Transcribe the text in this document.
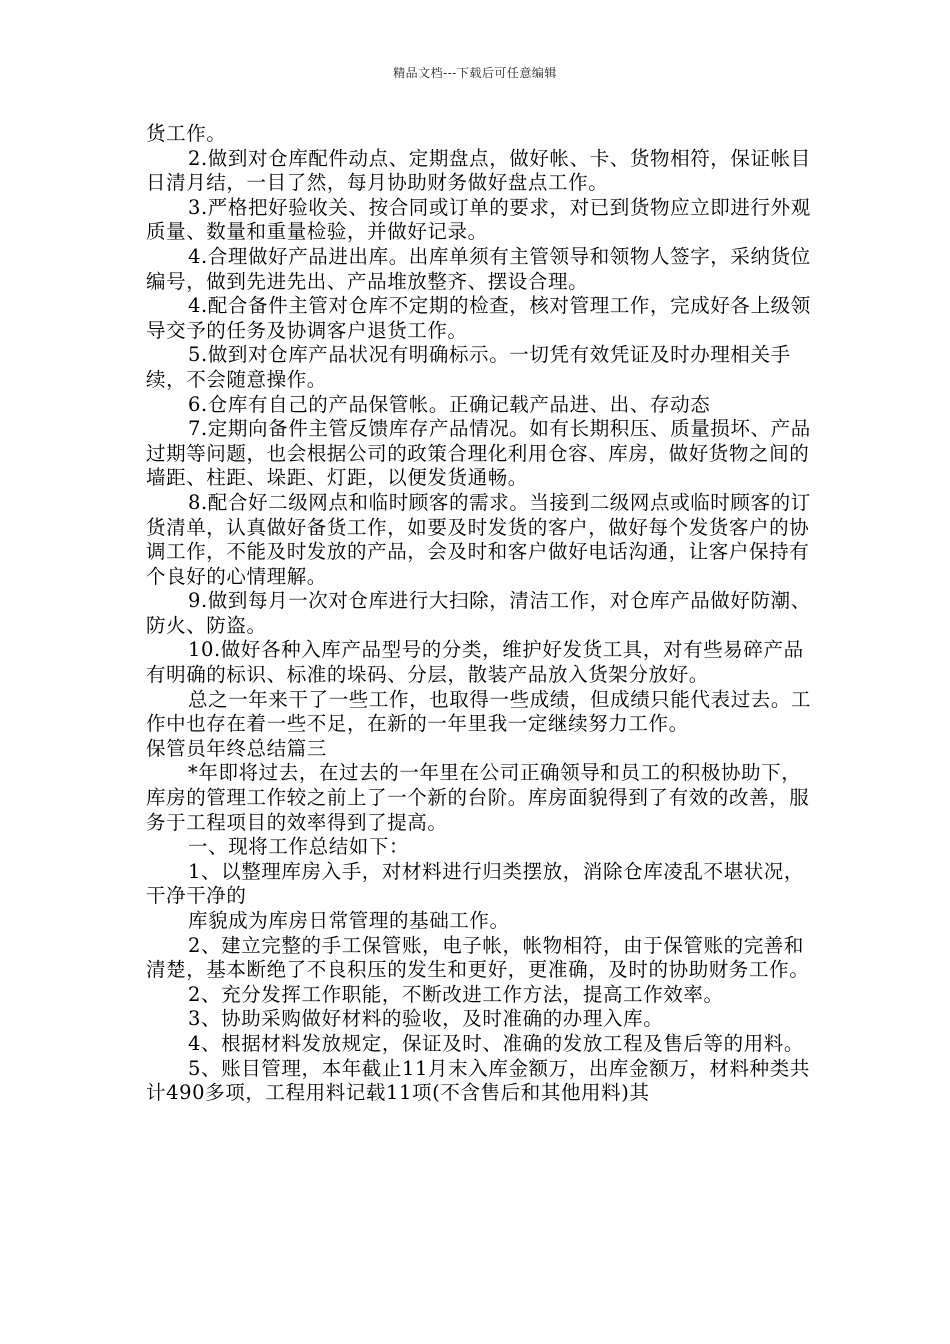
精品文档---下载后可任意编辑

货工作。

2.做到对仓库配件动点、定期盘点，做好帐、卡、货物相符，保证帐目日清月结，一目了然，每月协助财务做好盘点工作。

3.严格把好验收关、按合同或订单的要求，对已到货物应立即进行外观质量、数量和重量检验，并做好记录。

4.合理做好产品进出库。出库单须有主管领导和领物人签字，采纳货位编号，做到先进先出、产品堆放整齐、摆设合理。

4.配合备件主管对仓库不定期的检查，核对管理工作，完成好各上级领导交予的任务及协调客户退货工作。

5.做到对仓库产品状况有明确标示。一切凭有效凭证及时办理相关手续，不会随意操作。

6.仓库有自己的产品保管帐。正确记载产品进、出、存动态

7.定期向备件主管反馈库存产品情况。如有长期积压、质量损坏、产品过期等问题，也会根据公司的政策合理化利用仓容、库房，做好货物之间的墙距、柱距、垛距、灯距，以便发货通畅。

8.配合好二级网点和临时顾客的需求。当接到二级网点或临时顾客的订货清单，认真做好备货工作，如要及时发货的客户，做好每个发货客户的协调工作，不能及时发放的产品，会及时和客户做好电话沟通，让客户保持有个良好的心情理解。

9.做到每月一次对仓库进行大扫除，清洁工作，对仓库产品做好防潮、防火、防盗。

10.做好各种入库产品型号的分类，维护好发货工具，对有些易碎产品有明确的标识、标准的垛码、分层，散装产品放入货架分放好。

总之一年来干了一些工作，也取得一些成绩，但成绩只能代表过去。工作中也存在着一些不足，在新的一年里我一定继续努力工作。

保管员年终总结篇三

*年即将过去，在过去的一年里在公司正确领导和员工的积极协助下，库房的管理工作较之前上了一个新的台阶。库房面貌得到了有效的改善，服务于工程项目的效率得到了提高。

一、现将工作总结如下：

1、以整理库房入手，对材料进行归类摆放，消除仓库凌乱不堪状况，干净干净的

库貌成为库房日常管理的基础工作。

2、建立完整的手工保管账，电子帐，帐物相符，由于保管账的完善和清楚，基本断绝了不良积压的发生和更好，更准确，及时的协助财务工作。

2、充分发挥工作职能，不断改进工作方法，提高工作效率。

3、协助采购做好材料的验收，及时准确的办理入库。

4、根据材料发放规定，保证及时、准确的发放工程及售后等的用料。

5、账目管理，本年截止11月末入库金额万，出库金额万，材料种类共计490多项，工程用料记载11项(不含售后和其他用料)其
